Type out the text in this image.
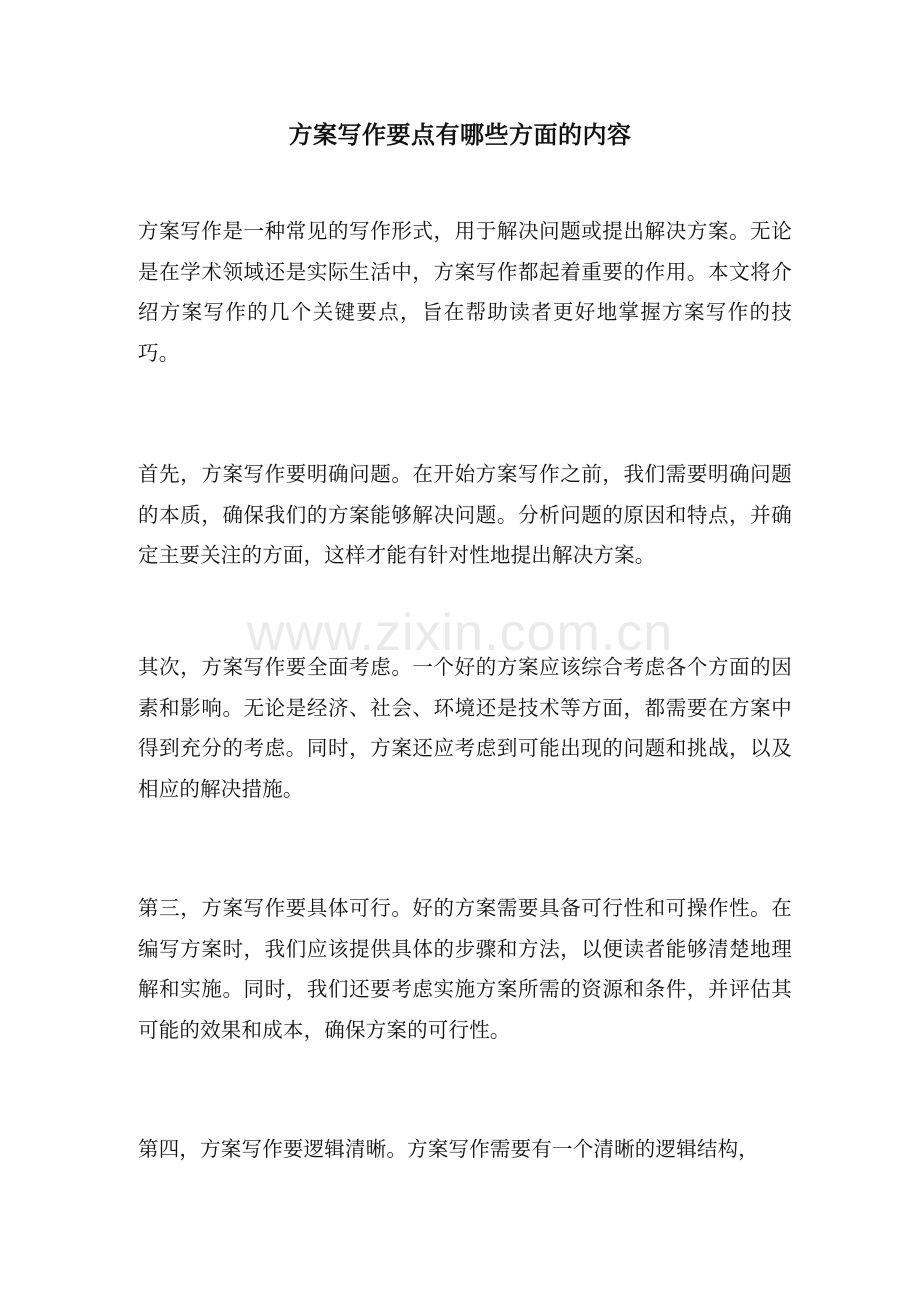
方案写作要点有哪些方面的内容

方案写作是一种常见的写作形式，用于解决问题或提出解决方案。无论是在学术领域还是实际生活中，方案写作都起着重要的作用。本文将介绍方案写作的几个关键要点，旨在帮助读者更好地掌握方案写作的技巧。

首先，方案写作要明确问题。在开始方案写作之前，我们需要明确问题的本质，确保我们的方案能够解决问题。分析问题的原因和特点，并确定主要关注的方面，这样才能有针对性地提出解决方案。

其次，方案写作要全面考虑。一个好的方案应该综合考虑各个方面的因素和影响。无论是经济、社会、环境还是技术等方面，都需要在方案中得到充分的考虑。同时，方案还应考虑到可能出现的问题和挑战，以及相应的解决措施。

第三，方案写作要具体可行。好的方案需要具备可行性和可操作性。在编写方案时，我们应该提供具体的步骤和方法，以便读者能够清楚地理解和实施。同时，我们还要考虑实施方案所需的资源和条件，并评估其可能的效果和成本，确保方案的可行性。

第四，方案写作要逻辑清晰。方案写作需要有一个清晰的逻辑结构，

www.zixin.com.cn
